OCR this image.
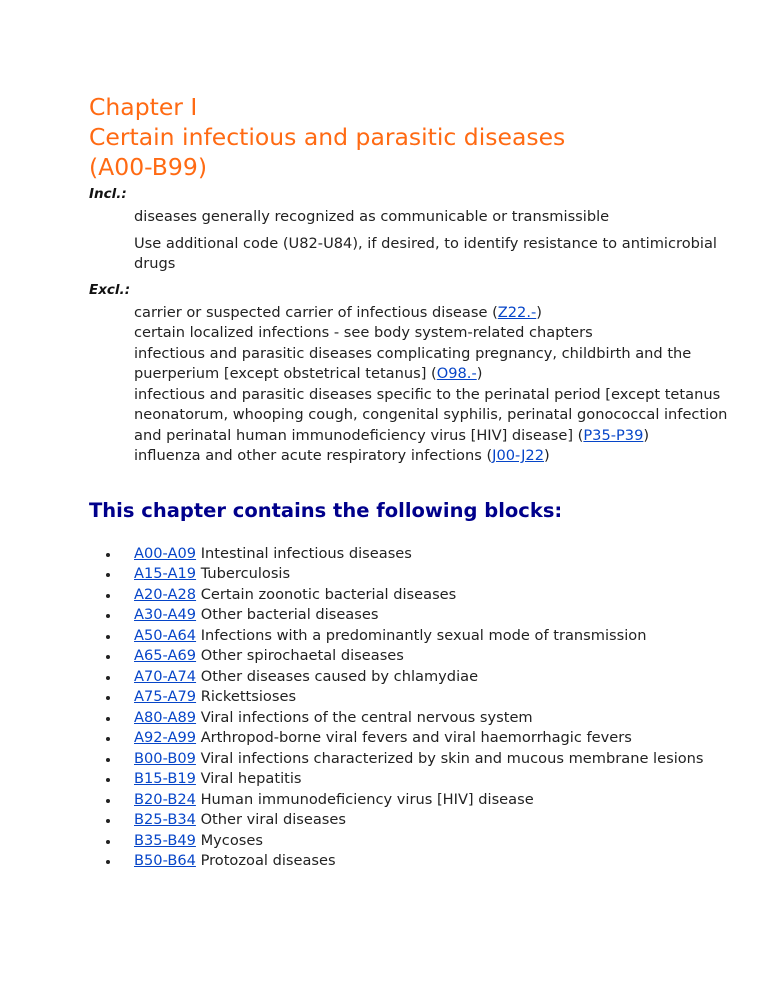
Chapter I
Certain infectious and parasitic diseases
(A00-B99)
Incl.:

diseases generally recognized as communicable or transmissible

Use additional code (U82-U84), if desired, to identify resistance to antimicrobial drugs

Excl.:
carrier or suspected carrier of infectious disease (Z22.-)
certain localized infections - see body system-related chapters
infectious and parasitic diseases complicating pregnancy, childbirth and the puerperium [except obstetrical tetanus] (O98.-)
infectious and parasitic diseases specific to the perinatal period [except tetanus neonatorum, whooping cough, congenital syphilis, perinatal gonococcal infection and perinatal human immunodeficiency virus [HIV] disease] (P35-P39)
influenza and other acute respiratory infections (J00-J22)
This chapter contains the following blocks:
A00-A09 Intestinal infectious diseases
A15-A19 Tuberculosis
A20-A28 Certain zoonotic bacterial diseases
A30-A49 Other bacterial diseases
A50-A64 Infections with a predominantly sexual mode of transmission
A65-A69 Other spirochaetal diseases
A70-A74 Other diseases caused by chlamydiae
A75-A79 Rickettsioses
A80-A89 Viral infections of the central nervous system
A92-A99 Arthropod-borne viral fevers and viral haemorrhagic fevers
B00-B09 Viral infections characterized by skin and mucous membrane lesions
B15-B19 Viral hepatitis
B20-B24 Human immunodeficiency virus [HIV] disease
B25-B34 Other viral diseases
B35-B49 Mycoses
B50-B64 Protozoal diseases
